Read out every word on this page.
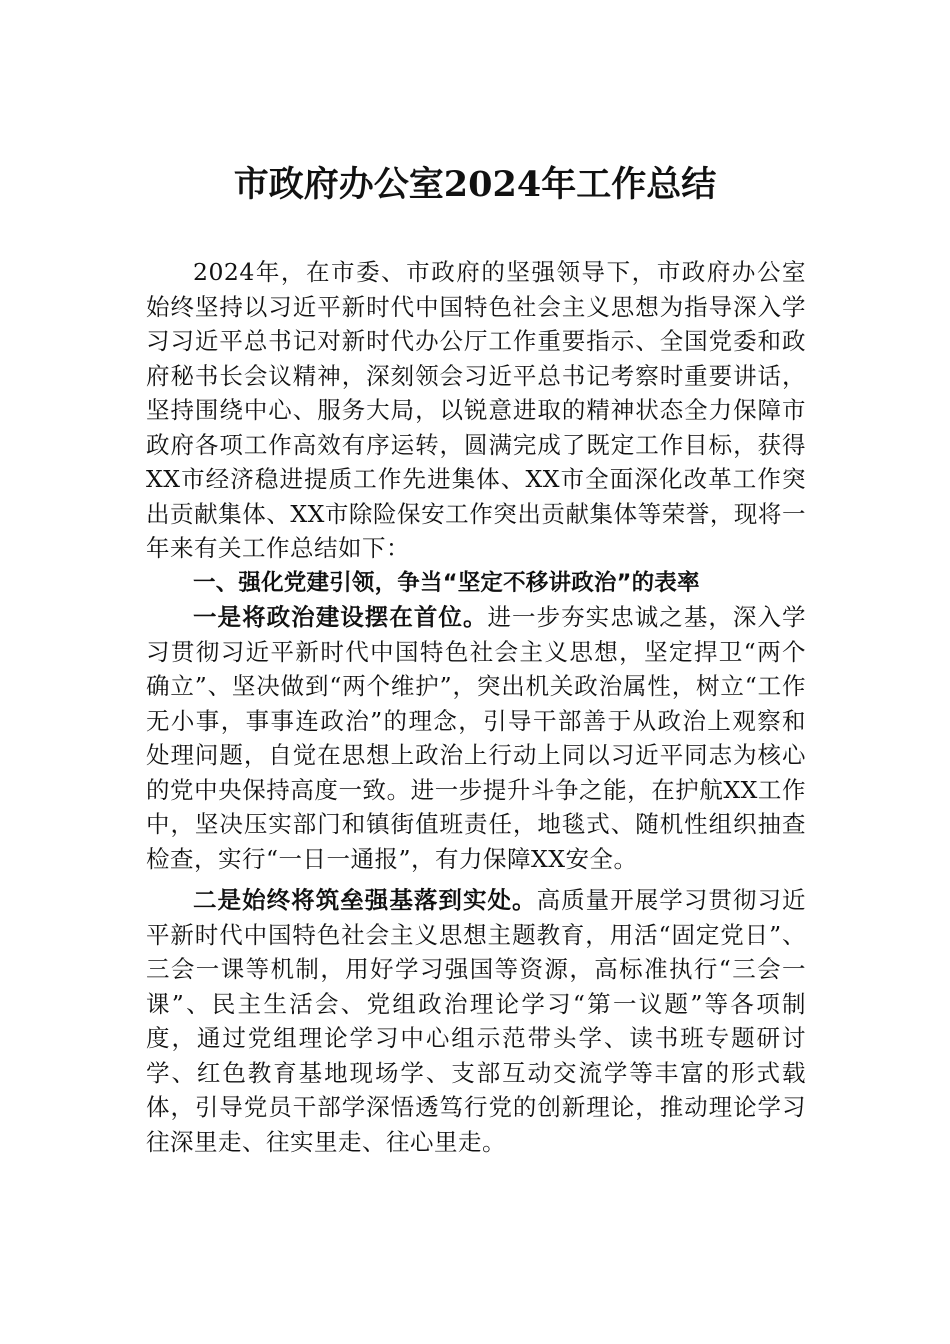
市政府办公室2024年工作总结

2024年，在市委、市政府的坚强领导下，市政府办公室始终坚持以习近平新时代中国特色社会主义思想为指导深入学习习近平总书记对新时代办公厅工作重要指示、全国党委和政府秘书长会议精神，深刻领会习近平总书记考察时重要讲话，坚持围绕中心、服务大局，以锐意进取的精神状态全力保障市政府各项工作高效有序运转，圆满完成了既定工作目标，获得XX市经济稳进提质工作先进集体、XX市全面深化改革工作突出贡献集体、XX市除险保安工作突出贡献集体等荣誉，现将一年来有关工作总结如下：

一、强化党建引领，争当“坚定不移讲政治”的表率

一是将政治建设摆在首位。进一步夯实忠诚之基，深入学习贯彻习近平新时代中国特色社会主义思想，坚定捍卫“两个确立”、坚决做到“两个维护”，突出机关政治属性，树立“工作无小事，事事连政治”的理念，引导干部善于从政治上观察和处理问题，自觉在思想上政治上行动上同以习近平同志为核心的党中央保持高度一致。进一步提升斗争之能，在护航XX工作中，坚决压实部门和镇街值班责任，地毯式、随机性组织抽查检查，实行“一日一通报”，有力保障XX安全。

二是始终将筑垒强基落到实处。高质量开展学习贯彻习近平新时代中国特色社会主义思想主题教育，用活“固定党日”、三会一课等机制，用好学习强国等资源，高标准执行“三会一课”、民主生活会、党组政治理论学习“第一议题”等各项制度，通过党组理论学习中心组示范带头学、读书班专题研讨学、红色教育基地现场学、支部互动交流学等丰富的形式载体，引导党员干部学深悟透笃行党的创新理论，推动理论学习往深里走、往实里走、往心里走。
